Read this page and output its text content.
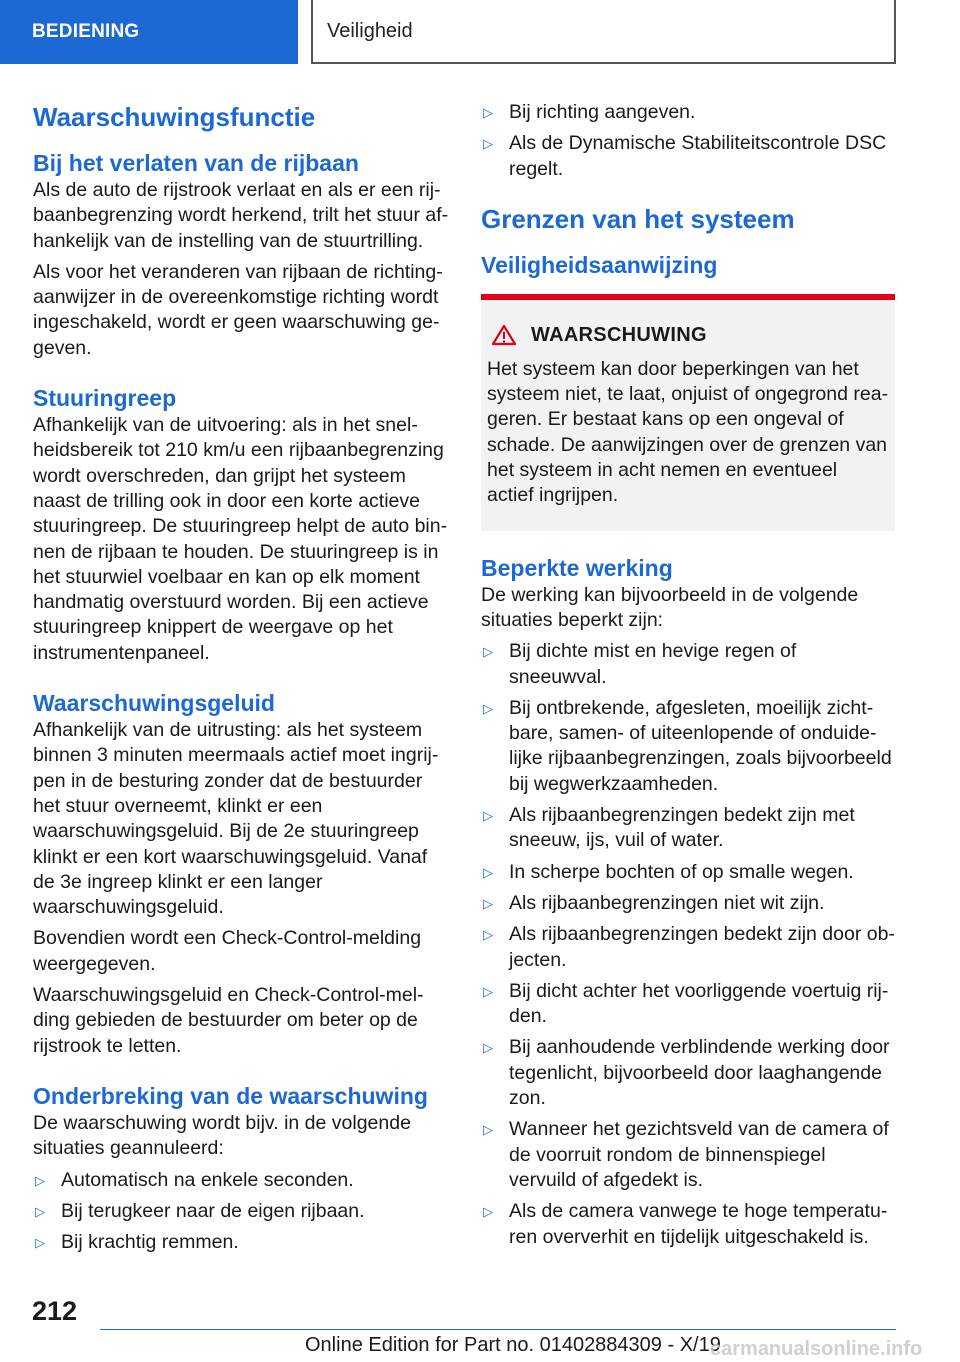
BEDIENING	Veiligheid
Waarschuwingsfunctie
Bij het verlaten van de rijbaan

Als de auto de rijstrook verlaat en als er een rijbaanbegrenzing wordt herkend, trilt het stuur afhankelijk van de instelling van de stuurtrilling.

Als voor het veranderen van rijbaan de richtingaanwijzer in de overeenkomstige richting wordt ingeschakeld, wordt er geen waarschuwing gegeven.

Stuuringreep

Afhankelijk van de uitvoering: als in het snelheidsbereik tot 210 km/u een rijbaanbegrenzing wordt overschreden, dan grijpt het systeem naast de trilling ook in door een korte actieve stuuringreep. De stuuringreep helpt de auto binnen de rijbaan te houden. De stuuringreep is in het stuurwiel voelbaar en kan op elk moment handmatig overstuurd worden. Bij een actieve stuuringreep knippert de weergave op het instrumentenpaneel.

Waarschuwingsgeluid

Afhankelijk van de uitrusting: als het systeem binnen 3 minuten meermaals actief moet ingrijpen in de besturing zonder dat de bestuurder het stuur overneemt, klinkt er een waarschuwingsgeluid. Bij de 2e stuuringreep klinkt er een kort waarschuwingsgeluid. Vanaf de 3e ingreep klinkt er een langer waarschuwingsgeluid.

Bovendien wordt een Check-Control-melding weergegeven.

Waarschuwingsgeluid en Check-Control-melding gebieden de bestuurder om beter op de rijstrook te letten.

Onderbreking van de waarschuwing

De waarschuwing wordt bijv. in de volgende situaties geannuleerd:

▷ Automatisch na enkele seconden.
▷ Bij terugkeer naar de eigen rijbaan.
▷ Bij krachtig remmen.
▷ Bij richting aangeven.
▷ Als de Dynamische Stabiliteitscontrole DSC regelt.
Grenzen van het systeem
Veiligheidsaanwijzing
WAARSCHUWING

Het systeem kan door beperkingen van het systeem niet, te laat, onjuist of ongegrond reageren. Er bestaat kans op een ongeval of schade. De aanwijzingen over de grenzen van het systeem in acht nemen en eventueel actief ingrijpen.

Beperkte werking

De werking kan bijvoorbeeld in de volgende situaties beperkt zijn:

▷ Bij dichte mist en hevige regen of sneeuwval.
▷ Bij ontbrekende, afgesleten, moeilijk zichtbare, samen- of uiteenlopende of onduidelijke rijbaanbegrenzingen, zoals bijvoorbeeld bij wegwerkzaamheden.
▷ Als rijbaanbegrenzingen bedekt zijn met sneeuw, ijs, vuil of water.
▷ In scherpe bochten of op smalle wegen.
▷ Als rijbaanbegrenzingen niet wit zijn.
▷ Als rijbaanbegrenzingen bedekt zijn door objecten.
▷ Bij dicht achter het voorliggende voertuig rijden.
▷ Bij aanhoudende verblindende werking door tegenlicht, bijvoorbeeld door laaghangende zon.
▷ Wanneer het gezichtsveld van de camera of de voorruit rondom de binnenspiegel vervuild of afgedekt is.
▷ Als de camera vanwege te hoge temperaturen oververhit en tijdelijk uitgeschakeld is.
212
Online Edition for Part no. 01402884309 - X/19
carmanualsonline.info
